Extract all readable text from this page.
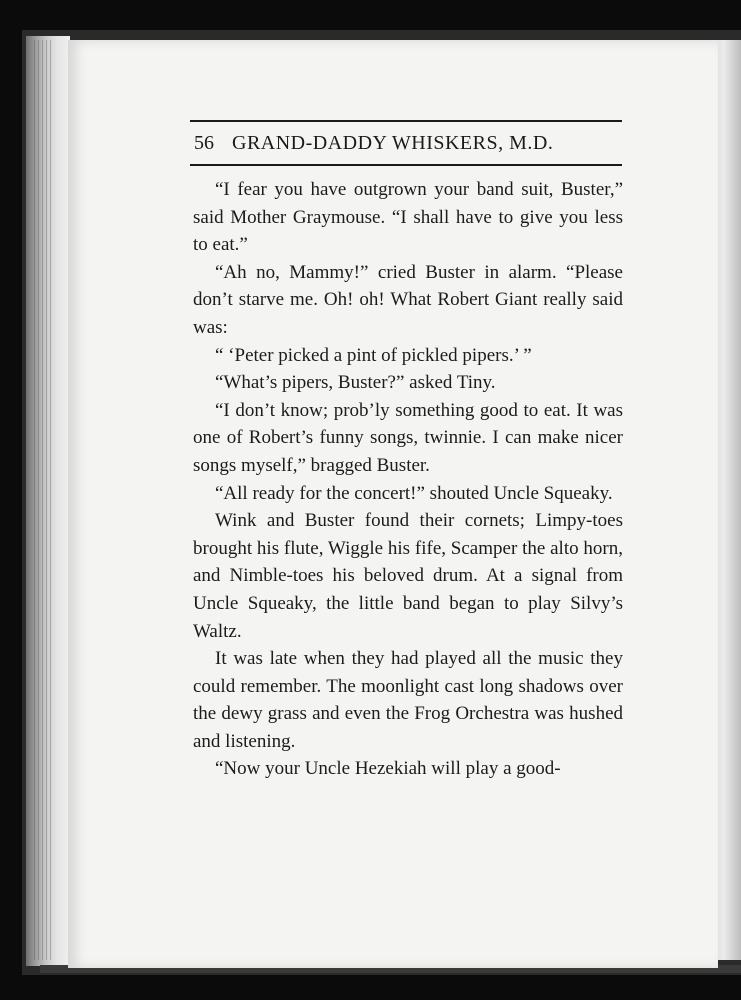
56 GRAND-DADDY WHISKERS, M.D.

“I fear you have outgrown your band suit, Buster,” said Mother Graymouse. “I shall have to give you less to eat.”

“Ah no, Mammy!” cried Buster in alarm. “Please don’t starve me. Oh! oh! What Robert Giant really said was:

“ ‘Peter picked a pint of pickled pipers.’ ”

“What’s pipers, Buster?” asked Tiny.

“I don’t know; prob’ly something good to eat. It was one of Robert’s funny songs, twinnie. I can make nicer songs myself,” bragged Buster.

“All ready for the concert!” shouted Uncle Squeaky.

Wink and Buster found their cornets; Limpy-toes brought his flute, Wiggle his fife, Scamper the alto horn, and Nimble-toes his beloved drum. At a signal from Uncle Squeaky, the little band began to play Silvy’s Waltz.

It was late when they had played all the music they could remember. The moonlight cast long shadows over the dewy grass and even the Frog Orchestra was hushed and listening.

“Now your Uncle Hezekiah will play a good-
